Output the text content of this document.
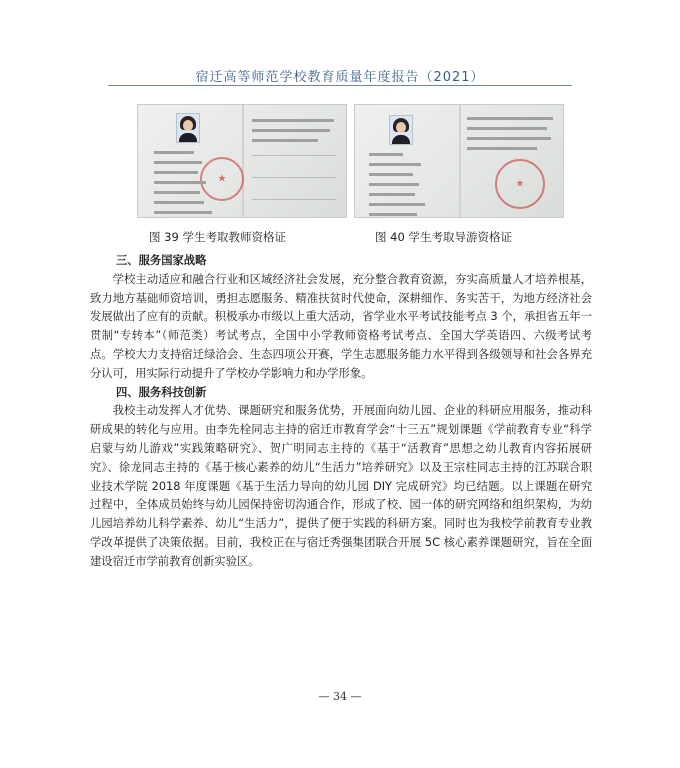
宿迁高等师范学校教育质量年度报告（2021）
★	★
图 39 学生考取教师资格证	图 40 学生考取导游资格证
三、服务国家战略

学校主动适应和融合行业和区域经济社会发展，充分整合教育资源，夯实高质量人才培养根基，致力地方基础师资培训，勇担志愿服务、精准扶贫时代使命，深耕细作、务实苦干，为地方经济社会发展做出了应有的贡献。积极承办市级以上重大活动，省学业水平考试技能考点 3 个，承担省五年一贯制“专转本”（师范类）考试考点，全国中小学教师资格考试考点、全国大学英语四、六级考试考点。学校大力支持宿迁绿洽会、生态四项公开赛，学生志愿服务能力水平得到各级领导和社会各界充分认可，用实际行动提升了学校办学影响力和办学形象。

四、服务科技创新

我校主动发挥人才优势、课题研究和服务优势，开展面向幼儿园、企业的科研应用服务，推动科研成果的转化与应用。由李先栓同志主持的宿迁市教育学会“十三五”规划课题《学前教育专业“科学启蒙与幼儿游戏”实践策略研究》、贺广明同志主持的《基于“活教育”思想之幼儿教育内容拓展研究》、徐龙同志主持的《基于核心素养的幼儿“生活力”培养研究》以及王宗柱同志主持的江苏联合职业技术学院 2018 年度课题《基于生活力导向的幼儿园 DIY 完成研究》均已结题。以上课题在研究过程中，全体成员始终与幼儿园保持密切沟通合作，形成了校、园一体的研究网络和组织架构，为幼儿园培养幼儿科学素养、幼儿“生活力”，提供了便于实践的科研方案。同时也为我校学前教育专业教学改革提供了决策依据。目前，我校正在与宿迁秀强集团联合开展 5C 核心素养课题研究，旨在全面建设宿迁市学前教育创新实验区。

— 34 —
